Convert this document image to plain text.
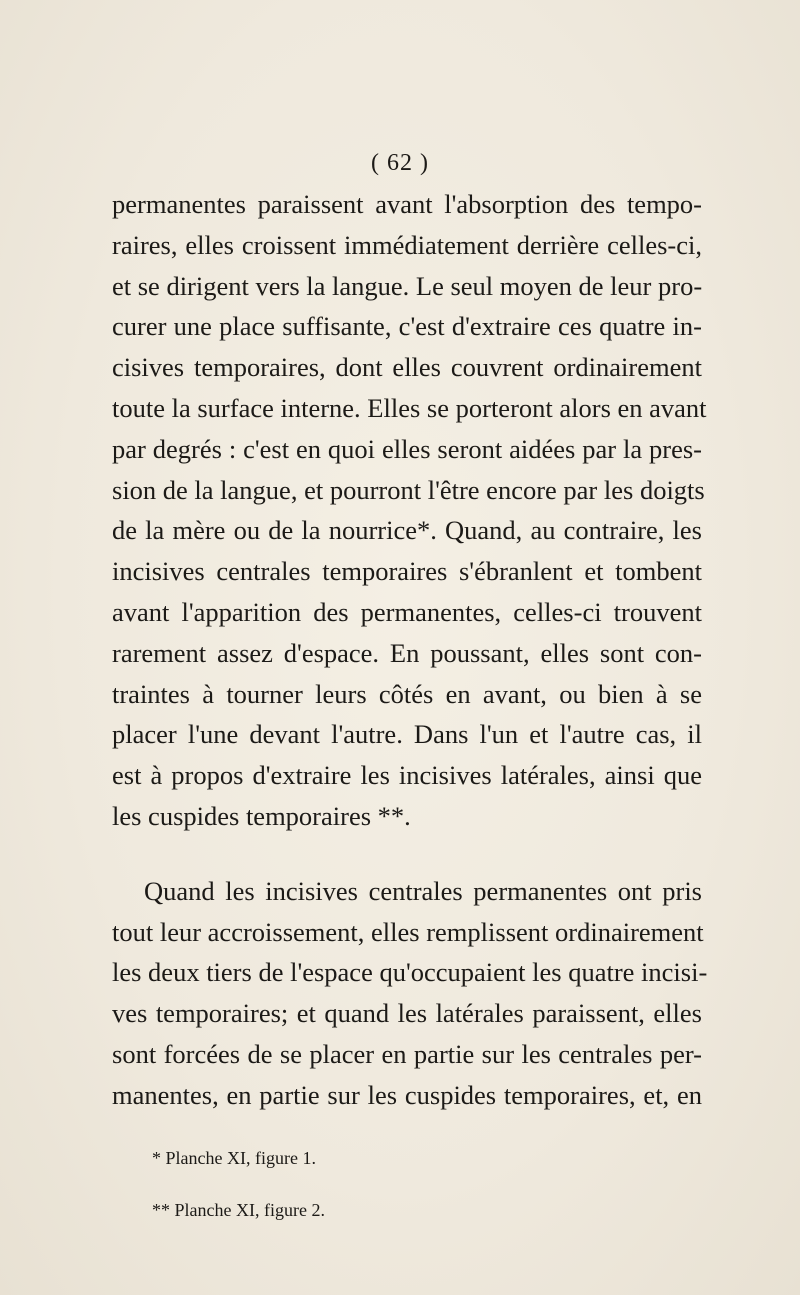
( 62 )
permanentes paraissent avant l'absorption des tempo-
raires, elles croissent immédiatement derrière celles-ci,
et se dirigent vers la langue. Le seul moyen de leur pro-
curer une place suffisante, c'est d'extraire ces quatre in-
cisives temporaires, dont elles couvrent ordinairement
toute la surface interne. Elles se porteront alors en avant
par degrés : c'est en quoi elles seront aidées par la pres-
sion de la langue, et pourront l'être encore par les doigts
de la mère ou de la nourrice*. Quand, au contraire, les
incisives centrales temporaires s'ébranlent et tombent
avant l'apparition des permanentes, celles-ci trouvent
rarement assez d'espace. En poussant, elles sont con-
traintes à tourner leurs côtés en avant, ou bien à se
placer l'une devant l'autre. Dans l'un et l'autre cas, il
est à propos d'extraire les incisives latérales, ainsi que
les cuspides temporaires **.
Quand les incisives centrales permanentes ont pris
tout leur accroissement, elles remplissent ordinairement
les deux tiers de l'espace qu'occupaient les quatre incisi-
ves temporaires; et quand les latérales paraissent, elles
sont forcées de se placer en partie sur les centrales per-
manentes, en partie sur les cuspides temporaires, et, en
* Planche XI, figure 1.
** Planche XI, figure 2.
